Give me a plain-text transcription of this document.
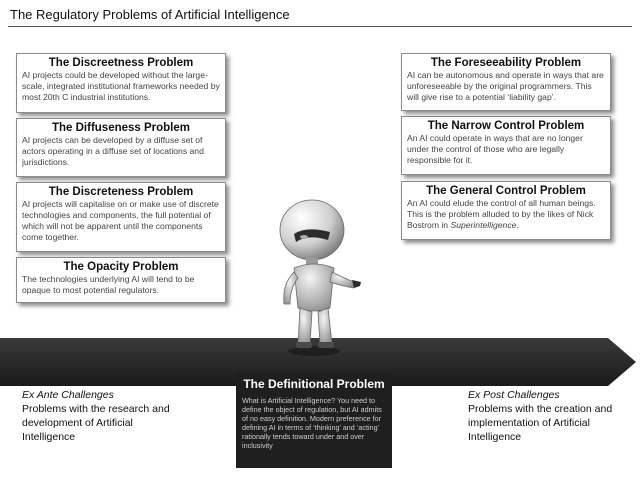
The Regulatory Problems of Artificial Intelligence
The Discreetness Problem

AI projects could be developed without the large-scale, integrated institutional frameworks needed by most 20th C industrial institutions.

The Diffuseness Problem

AI projects can be developed by a diffuse set of actors operating in a diffuse set of locations and jurisdictions.

The Discreteness Problem

AI projects will capitalise on or make use of discrete technologies and components, the full potential of which will not be apparent until the components come together.

The Opacity Problem

The technologies underlying AI will tend to be opaque to most potential regulators.

The Foreseeability Problem

AI can be autonomous and operate in ways that are unforeseeable by the original programmers. This will give rise to a potential ‘liability gap’.

The Narrow Control Problem

An AI could operate in ways that are no longer under the control of those who are legally responsible for it.

The General Control Problem

An AI could elude the control of all human beings. This is the problem alluded to by the likes of Nick Bostrom in Superintelligence.

Ex Ante Challenges
Problems with the research and development of Artificial Intelligence
Ex Post Challenges
Problems with the creation and implementation of Artificial Intelligence
The Definitional Problem

What is Artificial Intelligence? You need to define the object of regulation, but AI admits of no easy definition. Modern preference for defining AI in terms of ‘thinking’ and ‘acting’ rationally tends toward under and over inclusivity
